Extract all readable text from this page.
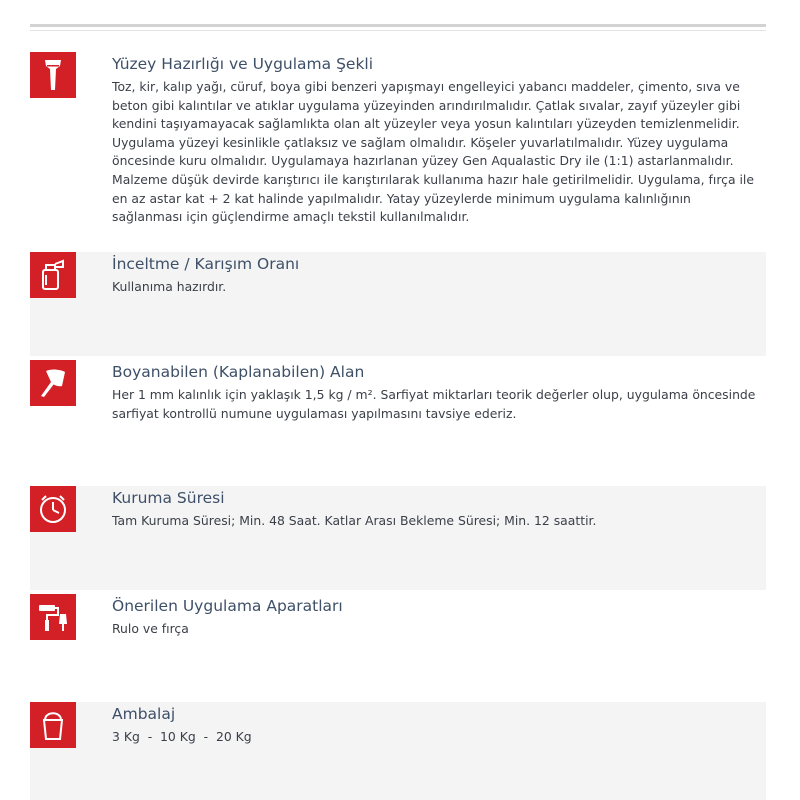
Yüzey Hazırlığı ve Uygulama Şekli
Toz, kir, kalıp yağı, cüruf, boya gibi benzeri yapışmayı engelleyici yabancı maddeler, çimento, sıva ve beton gibi kalıntılar ve atıklar uygulama yüzeyinden arındırılmalıdır. Çatlak sıvalar, zayıf yüzeyler gibi kendini taşıyamayacak sağlamlıkta olan alt yüzeyler veya yosun kalıntıları yüzeyden temizlenmelidir. Uygulama yüzeyi kesinlikle çatlaksız ve sağlam olmalıdır. Köşeler yuvarlatılmalıdır. Yüzey uygulama öncesinde kuru olmalıdır. Uygulamaya hazırlanan yüzey Gen Aqualastic Dry ile (1:1) astarlanmalıdır. Malzeme düşük devirde karıştırıcı ile karıştırılarak kullanıma hazır hale getirilmelidir. Uygulama, fırça ile en az astar kat + 2 kat halinde yapılmalıdır. Yatay yüzeylerde minimum uygulama kalınlığının sağlanması için güçlendirme amaçlı tekstil kullanılmalıdır.
İnceltme / Karışım Oranı
Kullanıma hazırdır.
Boyanabilen (Kaplanabilen) Alan
Her 1 mm kalınlık için yaklaşık 1,5 kg / m². Sarfiyat miktarları teorik değerler olup, uygulama öncesinde sarfiyat kontrollü numune uygulaması yapılmasını tavsiye ederiz.
Kuruma Süresi
Tam Kuruma Süresi; Min. 48 Saat. Katlar Arası Bekleme Süresi; Min. 12 saattir.
Önerilen Uygulama Aparatları
Rulo ve fırça
Ambalaj
3 Kg  -  10 Kg  -  20 Kg
